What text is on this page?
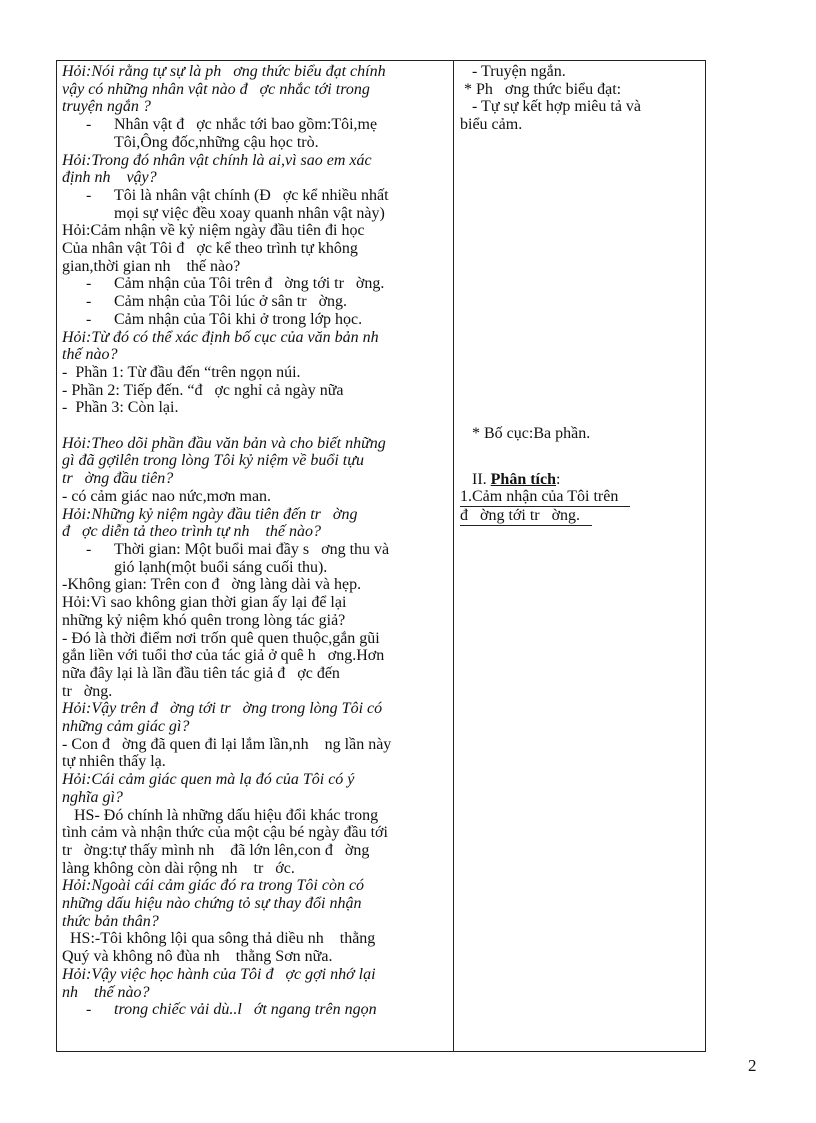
Hỏi:Nói rằng tự sự là ph   ơng thức biểu đạt chính
vậy có những nhân vật nào đ   ợc nhắc tới trong
truyện ngắn ?
- Nhân vật đ   ợc nhắc tới bao gồm:Tôi,mẹ
Tôi,Ông đốc,những cậu học trò.
Hỏi:Trong đó nhân vật chính là ai,vì sao em xác
định nh    vậy?
- Tôi là nhân vật chính (Đ   ợc kể nhiều nhất
mọi sự việc đều xoay quanh nhân vật này)
Hỏi:Cảm nhận về kỷ niệm ngày đầu tiên đi học
Của nhân vật Tôi đ   ợc kể theo trình tự không
gian,thời gian nh    thế nào?
- Cảm nhận của Tôi trên đ   ờng tới tr   ờng.
- Cảm nhận của Tôi lúc ở sân tr   ờng.
- Cảm nhận của Tôi khi ở trong lớp học.
Hỏi:Từ đó có thể xác định bố cục của văn bản nh
thế nào?
-  Phần 1: Từ đầu đến “trên ngọn núi.
- Phần 2: Tiếp đến. “đ   ợc nghỉ cả ngày nữa
-  Phần 3: Còn lại.

Hỏi:Theo dõi phần đầu văn bản và cho biết những
gì đã gợilên trong lòng Tôi kỷ niệm về buổi tựu
tr   ờng đầu tiên?
- có cảm giác nao nức,mơn man.
Hỏi:Những kỷ niệm ngày đầu tiên đến tr   ờng
đ   ợc diễn tả theo trình tự nh    thế nào?
- Thời gian: Một buổi mai đầy s   ơng thu và
gió lạnh(một buổi sáng cuối thu).
-Không gian: Trên con đ   ờng làng dài và hẹp.
Hỏi:Vì sao không gian thời gian ấy lại để lại
những kỷ niệm khó quên trong lòng tác giả?
- Đó là thời điểm nơi trốn quê quen thuộc,gắn gũi
gắn liền với tuổi thơ của tác giả ở quê h   ơng.Hơn
nữa đây lại là lần đầu tiên tác giả đ   ợc đến
tr   ờng.
Hỏi:Vậy trên đ   ờng tới tr   ờng trong lòng Tôi có
những cảm giác gì?
- Con đ   ờng đã quen đi lại lắm lần,nh    ng lần này
tự nhiên thấy lạ.
Hỏi:Cái cảm giác quen mà lạ đó của Tôi có ý
nghĩa gì?
HS- Đó chính là những dấu hiệu đổi khác trong
tình cảm và nhận thức của một cậu bé ngày đầu tới
tr   ờng:tự thấy mình nh    đã lớn lên,con đ   ờng
làng không còn dài rộng nh    tr   ớc.
Hỏi:Ngoài cái cảm giác đó ra trong Tôi còn có
những dấu hiệu nào chứng tỏ sự thay đổi nhận
thức bản thân?
HS:-Tôi không lội qua sông thả diều nh    thằng
Quý và không nô đùa nh    thằng Sơn nữa.
Hỏi:Vậy việc học hành của Tôi đ   ợc gợi nhớ lại
nh    thế nào?
- trong chiếc vải dù..l   ớt ngang trên ngọn
- Truyện ngắn.
* Ph   ơng thức biểu đạt:
- Tự sự kết hợp miêu tả và
biểu cảm.
* Bố cục:Ba phần.
II. Phân tích:
1.Cảm nhận của Tôi trên
đ   ờng tới tr   ờng.
2
